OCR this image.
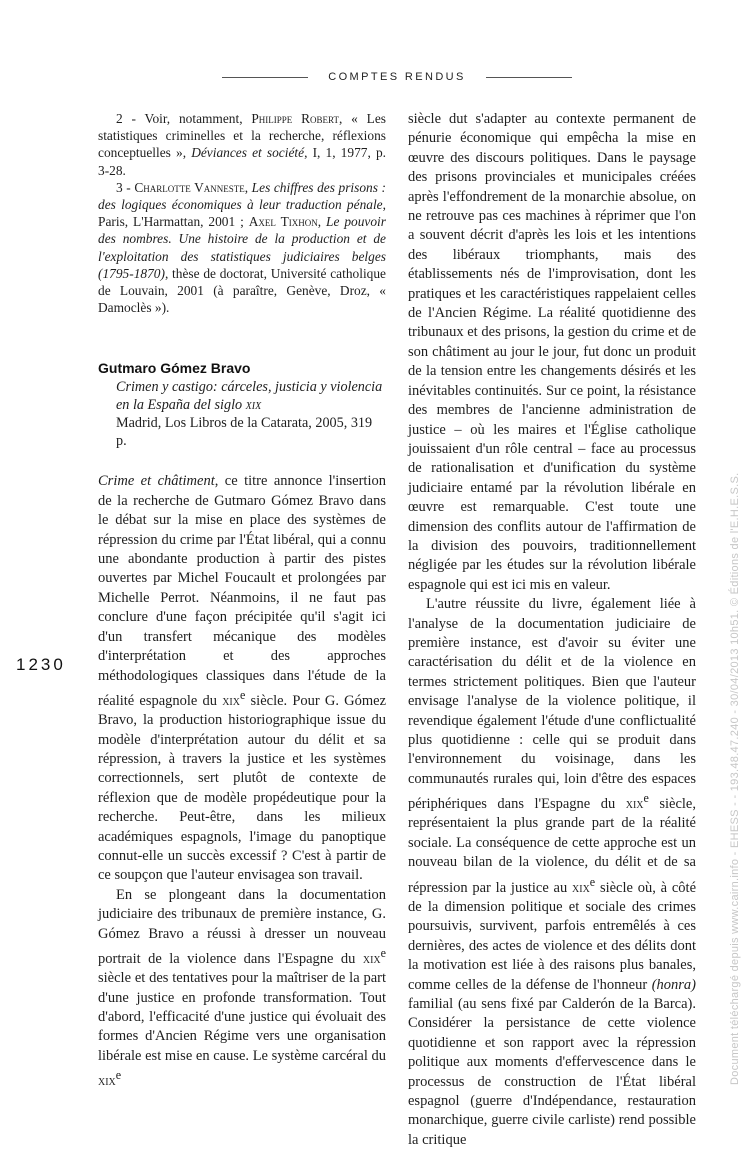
COMPTES RENDUS
1230	Document téléchargé depuis www.cairn.info - EHESS - - 193.48.47.240 - 30/04/2013 10h51. © Éditions de l'E.H.E.S.S.

2 - Voir, notamment, Philippe Robert, « Les statistiques criminelles et la recherche, réflexions conceptuelles », Déviances et société, I, 1, 1977, p. 3-28.

3 - Charlotte Vanneste, Les chiffres des prisons : des logiques économiques à leur traduction pénale, Paris, L'Harmattan, 2001 ; Axel Tixhon, Le pouvoir des nombres. Une histoire de la production et de l'exploitation des statistiques judiciaires belges (1795-1870), thèse de doctorat, Université catholique de Louvain, 2001 (à paraître, Genève, Droz, « Damoclès »).

Gutmaro Gómez Bravo
Crimen y castigo: cárceles, justicia y violencia en la España del siglo xix
Madrid, Los Libros de la Catarata, 2005, 319 p.

Crime et châtiment, ce titre annonce l'insertion de la recherche de Gutmaro Gómez Bravo dans le débat sur la mise en place des systèmes de répression du crime par l'État libéral, qui a connu une abondante production à partir des pistes ouvertes par Michel Foucault et prolongées par Michelle Perrot. Néanmoins, il ne faut pas conclure d'une façon précipitée qu'il s'agit ici d'un transfert mécanique des modèles d'interprétation et des approches méthodologiques classiques dans l'étude de la réalité espagnole du xix$^e$ siècle. Pour G. Gómez Bravo, la production historiographique issue du modèle d'interprétation autour du délit et sa répression, à travers la justice et les systèmes correctionnels, sert plutôt de contexte de réflexion que de modèle propédeutique pour la recherche. Peut-être, dans les milieux académiques espagnols, l'image du panoptique connut-elle un succès excessif ? C'est à partir de ce soupçon que l'auteur envisagea son travail.

En se plongeant dans la documentation judiciaire des tribunaux de première instance, G. Gómez Bravo a réussi à dresser un nouveau portrait de la violence dans l'Espagne du xix$^e$ siècle et des tentatives pour la maîtriser de la part d'une justice en profonde transformation. Tout d'abord, l'efficacité d'une justice qui évoluait des formes d'Ancien Régime vers une organisation libérale est mise en cause. Le système carcéral du xix$^e$

siècle dut s'adapter au contexte permanent de pénurie économique qui empêcha la mise en œuvre des discours politiques. Dans le paysage des prisons provinciales et municipales créées après l'effondrement de la monarchie absolue, on ne retrouve pas ces machines à réprimer que l'on a souvent décrit d'après les lois et les intentions des libéraux triomphants, mais des établissements nés de l'improvisation, dont les pratiques et les caractéristiques rappelaient celles de l'Ancien Régime. La réalité quotidienne des tribunaux et des prisons, la gestion du crime et de son châtiment au jour le jour, fut donc un produit de la tension entre les changements désirés et les inévitables continuités. Sur ce point, la résistance des membres de l'ancienne administration de justice – où les maires et l'Église catholique jouissaient d'un rôle central – face au processus de rationalisation et d'unification du système judiciaire entamé par la révolution libérale en œuvre est remarquable. C'est toute une dimension des conflits autour de l'affirmation de la division des pouvoirs, traditionnellement négligée par les études sur la révolution libérale espagnole qui est ici mis en valeur.

L'autre réussite du livre, également liée à l'analyse de la documentation judiciaire de première instance, est d'avoir su éviter une caractérisation du délit et de la violence en termes strictement politiques. Bien que l'auteur envisage l'analyse de la violence politique, il revendique également l'étude d'une conflictualité plus quotidienne : celle qui se produit dans l'environnement du voisinage, dans les communautés rurales qui, loin d'être des espaces périphériques dans l'Espagne du xix$^e$ siècle, représentaient la plus grande part de la réalité sociale. La conséquence de cette approche est un nouveau bilan de la violence, du délit et de sa répression par la justice au xix$^e$ siècle où, à côté de la dimension politique et sociale des crimes poursuivis, survivent, parfois entremêlés à ces dernières, des actes de violence et des délits dont la motivation est liée à des raisons plus banales, comme celles de la défense de l'honneur (honra) familial (au sens fixé par Calderón de la Barca). Considérer la persistance de cette violence quotidienne et son rapport avec la répression politique aux moments d'effervescence dans le processus de construction de l'État libéral espagnol (guerre d'Indépendance, restauration monarchique, guerre civile carliste) rend possible la critique
